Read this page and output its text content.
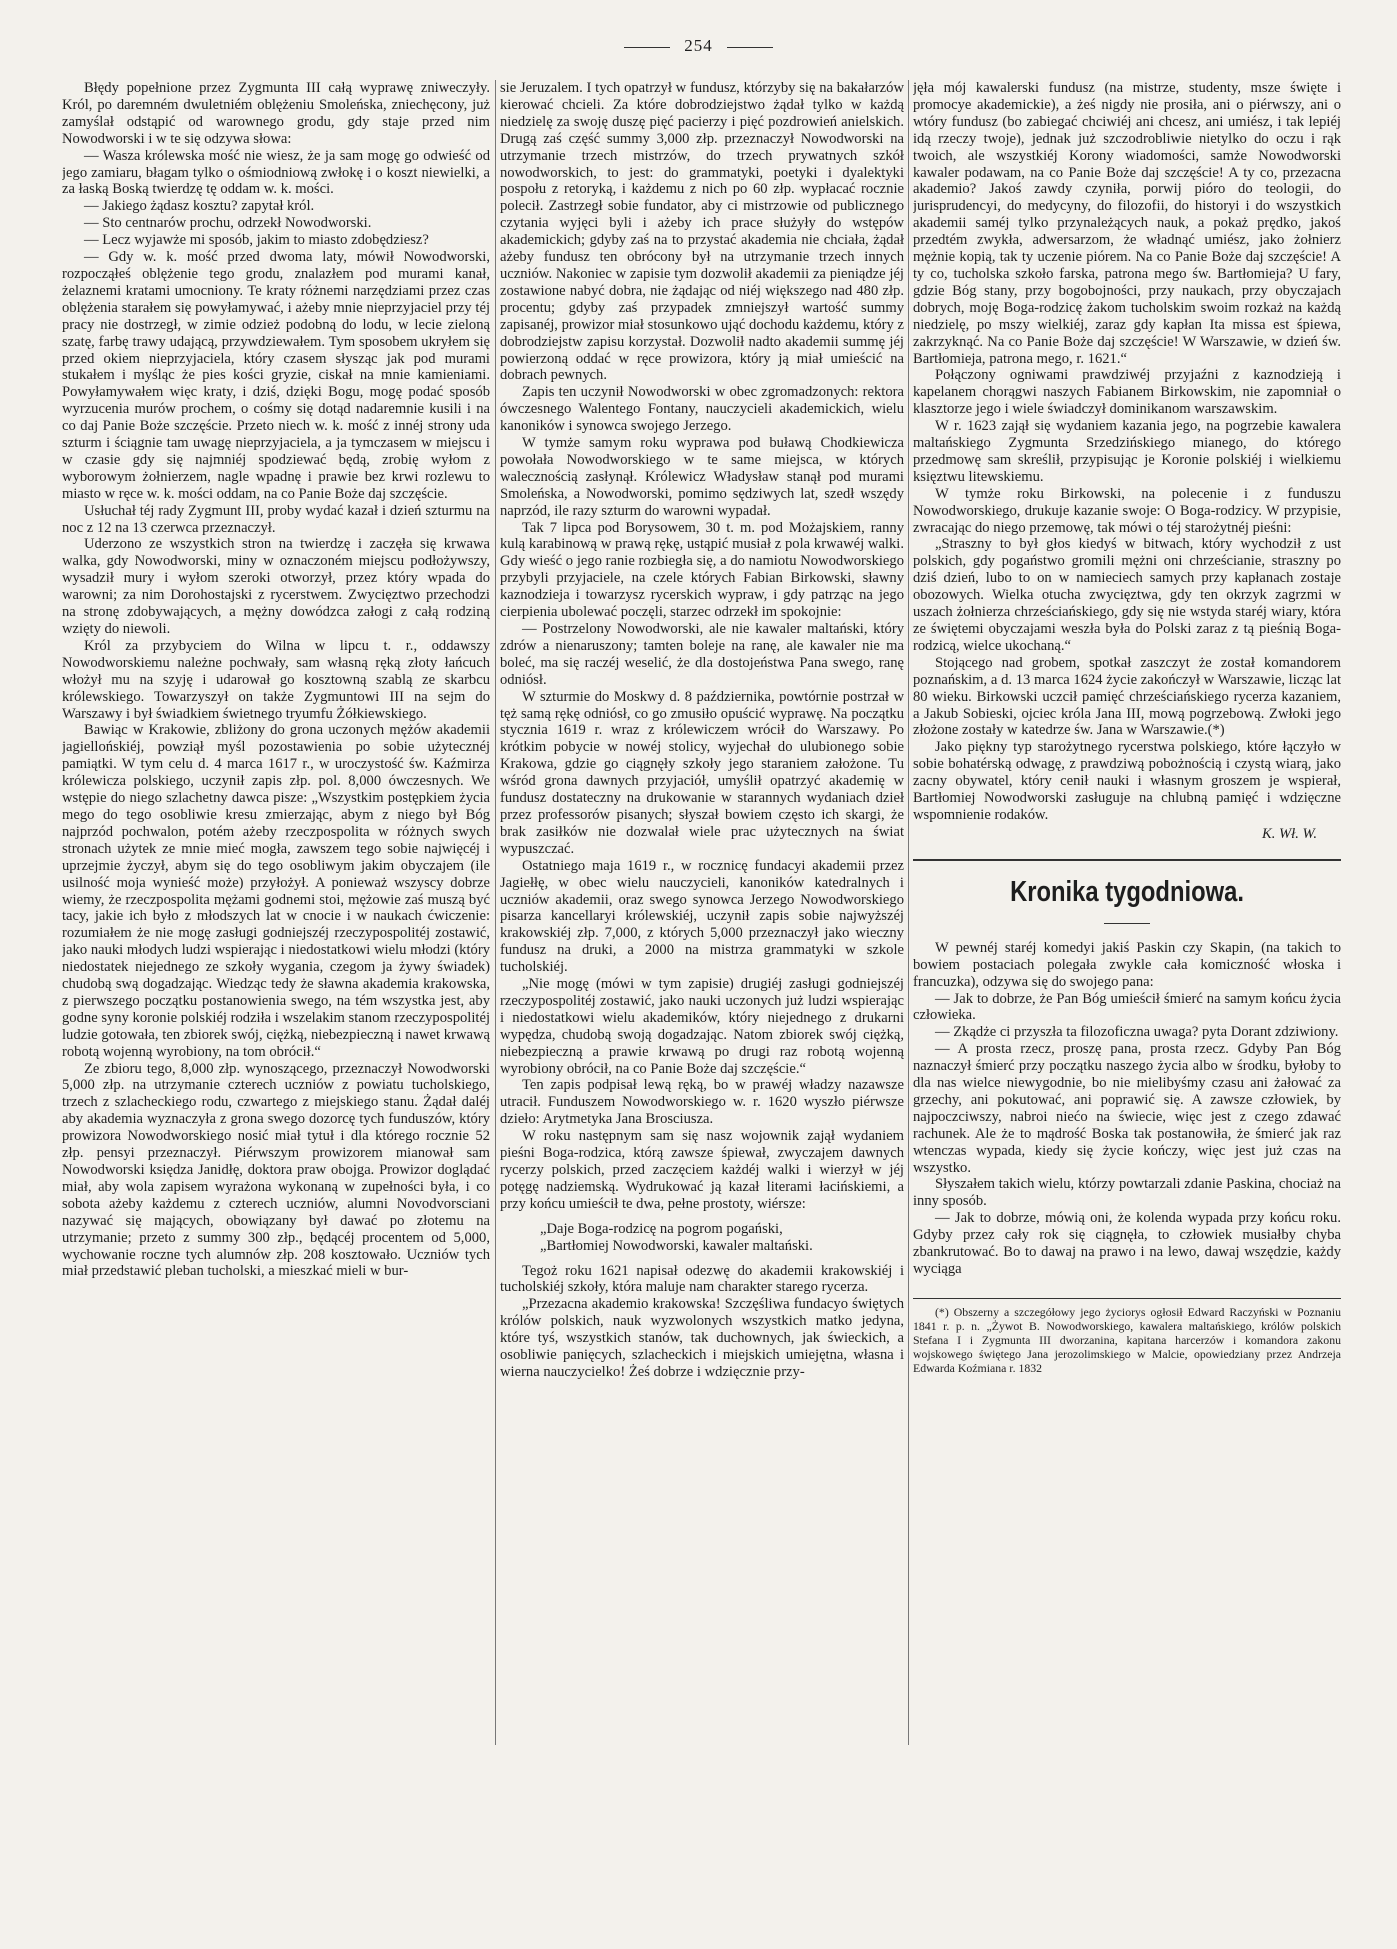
254

Błędy popełnione przez Zygmunta III całą wyprawę zniweczyły. Król, po daremném dwuletniém oblężeniu Smoleńska, zniechęcony, już zamyślał odstąpić od warownego grodu, gdy staje przed nim Nowodworski i w te się odzywa słowa:

— Wasza królewska mość nie wiesz, że ja sam mogę go odwieść od jego zamiaru, błagam tylko o ośmiodniową zwłokę i o koszt niewielki, a za łaską Boską twierdzę tę oddam w. k. mości.

— Jakiego żądasz kosztu? zapytał król.

— Sto centnarów prochu, odrzekł Nowodworski.

— Lecz wyjawże mi sposób, jakim to miasto zdobędziesz?

— Gdy w. k. mość przed dwoma laty, mówił Nowodworski, rozpocząłeś oblężenie tego grodu, znalazłem pod murami kanał, żelaznemi kratami umocniony. Te kraty różnemi narzędziami przez czas oblężenia starałem się powyłamywać, i ażeby mnie nieprzyjaciel przy téj pracy nie dostrzegł, w zimie odzież podobną do lodu, w lecie zieloną szatę, farbę trawy udającą, przywdziewałem. Tym sposobem ukryłem się przed okiem nieprzyjaciela, który czasem słysząc jak pod murami stukałem i myśląc że pies kości gryzie, ciskał na mnie kamieniami. Powyłamywałem więc kraty, i dziś, dzięki Bogu, mogę podać sposób wyrzucenia murów prochem, o cośmy się dotąd nadaremnie kusili i na co daj Panie Boże szczęście. Przeto niech w. k. mość z innéj strony uda szturm i ściągnie tam uwagę nieprzyjaciela, a ja tymczasem w miejscu i w czasie gdy się najmniéj spodziewać będą, zrobię wyłom z wyborowym żołnierzem, nagle wpadnę i prawie bez krwi rozlewu to miasto w ręce w. k. mości oddam, na co Panie Boże daj szczęście.

Usłuchał téj rady Zygmunt III, proby wydać kazał i dzień szturmu na noc z 12 na 13 czerwca przeznaczył.

Uderzono ze wszystkich stron na twierdzę i zaczęła się krwawa walka, gdy Nowodworski, miny w oznaczoném miejscu podłożywszy, wysadził mury i wyłom szeroki otworzył, przez który wpada do warowni; za nim Dorohostajski z rycerstwem. Zwycięztwo przechodzi na stronę zdobywających, a mężny dowódzca załogi z całą rodziną wzięty do niewoli.

Król za przybyciem do Wilna w lipcu t. r., oddawszy Nowodworskiemu należne pochwały, sam własną ręką złoty łańcuch włożył mu na szyję i udarował go kosztowną szablą ze skarbcu królewskiego. Towarzyszył on także Zygmuntowi III na sejm do Warszawy i był świadkiem świetnego tryumfu Żółkiewskiego.

Bawiąc w Krakowie, zbliżony do grona uczonych mężów akademii jagiellońskiéj, powziął myśl pozostawienia po sobie użytecznéj pamiątki. W tym celu d. 4 marca 1617 r., w uroczystość św. Kaźmirza królewicza polskiego, uczynił zapis złp. pol. 8,000 ówczesnych. We wstępie do niego szlachetny dawca pisze: „Wszystkim postępkiem życia mego do tego osobliwie kresu zmierzając, abym z niego był Bóg najprzód pochwalon, potém ażeby rzeczpospolita w różnych swych stronach użytek ze mnie mieć mogła, zawszem tego sobie najwięcéj i uprzejmie życzył, abym się do tego osobliwym jakim obyczajem (ile usilność moja wynieść może) przyłożył. A ponieważ wszyscy dobrze wiemy, że rzeczpospolita mężami godnemi stoi, mężowie zaś muszą być tacy, jakie ich było z młodszych lat w cnocie i w naukach ćwiczenie: rozumiałem że nie mogę zasługi godniejszéj rzeczypospolitéj zostawić, jako nauki młodych ludzi wspierając i niedostatkowi wielu młodzi (który niedostatek niejednego ze szkoły wygania, czegom ja żywy świadek) chudobą swą dogadzając. Wiedząc tedy że sławna akademia krakowska, z pierwszego początku postanowienia swego, na tém wszystka jest, aby godne syny koronie polskiéj rodziła i wszelakim stanom rzeczypospolitéj ludzie gotowała, ten zbiorek swój, ciężką, niebezpieczną i nawet krwawą robotą wojenną wyrobiony, na tom obrócił.“

Ze zbioru tego, 8,000 złp. wynoszącego, przeznaczył Nowodworski 5,000 złp. na utrzymanie czterech uczniów z powiatu tucholskiego, trzech z szlacheckiego rodu, czwartego z miejskiego stanu. Żądał daléj aby akademia wyznaczyła z grona swego dozorcę tych funduszów, który prowizora Nowodworskiego nosić miał tytuł i dla którego rocznie 52 złp. pensyi przeznaczył. Piérwszym prowizorem mianował sam Nowodworski księdza Janidłę, doktora praw obojga. Prowizor doglądać miał, aby wola zapisem wyrażona wykonaną w zupełności była, i co sobota ażeby każdemu z czterech uczniów, alumni Novodvorsciani nazywać się mających, obowiązany był dawać po złotemu na utrzymanie; przeto z summy 300 złp., będącéj procentem od 5,000, wychowanie roczne tych alumnów złp. 208 kosztowało. Uczniów tych miał przedstawić pleban tucholski, a mieszkać mieli w bur-

sie Jeruzalem. I tych opatrzył w fundusz, którzyby się na bakałarzów kierować chcieli. Za które dobrodziejstwo żądał tylko w każdą niedzielę za swoję duszę pięć pacierzy i pięć pozdrowień anielskich. Drugą zaś część summy 3,000 złp. przeznaczył Nowodworski na utrzymanie trzech mistrzów, do trzech prywatnych szkół nowodworskich, to jest: do grammatyki, poetyki i dyalektyki pospołu z retoryką, i każdemu z nich po 60 złp. wypłacać rocznie polecił. Zastrzegł sobie fundator, aby ci mistrzowie od publicznego czytania wyjęci byli i ażeby ich prace służyły do wstępów akademickich; gdyby zaś na to przystać akademia nie chciała, żądał ażeby fundusz ten obrócony był na utrzymanie trzech innych uczniów. Nakoniec w zapisie tym dozwolił akademii za pieniądze jéj zostawione nabyć dobra, nie żądając od niéj większego nad 480 złp. procentu; gdyby zaś przypadek zmniejszył wartość summy zapisanéj, prowizor miał stosunkowo ująć dochodu każdemu, który z dobrodziejstw zapisu korzystał. Dozwolił nadto akademii summę jéj powierzoną oddać w ręce prowizora, który ją miał umieścić na dobrach pewnych.

Zapis ten uczynił Nowodworski w obec zgromadzonych: rektora ówczesnego Walentego Fontany, nauczycieli akademickich, wielu kanoników i synowca swojego Jerzego.

W tymże samym roku wyprawa pod buławą Chodkiewicza powołała Nowodworskiego w te same miejsca, w których walecznością zasłynął. Królewicz Władysław stanął pod murami Smoleńska, a Nowodworski, pomimo sędziwych lat, szedł wszędy naprzód, ile razy szturm do warowni wypadał.

Tak 7 lipca pod Borysowem, 30 t. m. pod Możajskiem, ranny kulą karabinową w prawą rękę, ustąpić musiał z pola krwawéj walki. Gdy wieść o jego ranie rozbiegła się, a do namiotu Nowodworskiego przybyli przyjaciele, na czele których Fabian Birkowski, sławny kaznodzieja i towarzysz rycerskich wypraw, i gdy patrząc na jego cierpienia ubolewać poczęli, starzec odrzekł im spokojnie:

— Postrzelony Nowodworski, ale nie kawaler maltański, który zdrów a nienaruszony; tamten boleje na ranę, ale kawaler nie ma boleć, ma się raczéj weselić, że dla dostojeństwa Pana swego, ranę odniósł.

W szturmie do Moskwy d. 8 października, powtórnie postrzał w tęż samą rękę odniósł, co go zmusiło opuścić wyprawę. Na początku stycznia 1619 r. wraz z królewiczem wrócił do Warszawy. Po krótkim pobycie w nowéj stolicy, wyjechał do ulubionego sobie Krakowa, gdzie go ciągnęły szkoły jego staraniem założone. Tu wśród grona dawnych przyjaciół, umyślił opatrzyć akademię w fundusz dostateczny na drukowanie w starannych wydaniach dzieł przez professorów pisanych; słyszał bowiem często ich skargi, że brak zasiłków nie dozwalał wiele prac użytecznych na świat wypuszczać.

Ostatniego maja 1619 r., w rocznicę fundacyi akademii przez Jagiełłę, w obec wielu nauczycieli, kanoników katedralnych i uczniów akademii, oraz swego synowca Jerzego Nowodworskiego pisarza kancellaryi królewskiéj, uczynił zapis sobie najwyższéj krakowskiéj złp. 7,000, z których 5,000 przeznaczył jako wieczny fundusz na druki, a 2000 na mistrza grammatyki w szkole tucholskiéj.

„Nie mogę (mówi w tym zapisie) drugiéj zasługi godniejszéj rzeczypospolitéj zostawić, jako nauki uczonych już ludzi wspierając i niedostatkowi wielu akademików, który niejednego z drukarni wypędza, chudobą swoją dogadzając. Natom zbiorek swój ciężką, niebezpieczną a prawie krwawą po drugi raz robotą wojenną wyrobiony obrócił, na co Panie Boże daj szczęście.“

Ten zapis podpisał lewą ręką, bo w prawéj władzy nazawsze utracił. Funduszem Nowodworskiego w. r. 1620 wyszło piérwsze dzieło: Arytmetyka Jana Brosciusza.

W roku następnym sam się nasz wojownik zajął wydaniem pieśni Boga-rodzica, którą zawsze śpiewał, zwyczajem dawnych rycerzy polskich, przed zaczęciem każdéj walki i wierzył w jéj potęgę nadziemską. Wydrukować ją kazał literami łacińskiemi, a przy końcu umieścił te dwa, pełne prostoty, wiérsze:

„Daje Boga-rodzicę na pogrom pogański,
„Bartłomiej Nowodworski, kawaler maltański.

Tegoż roku 1621 napisał odezwę do akademii krakowskiéj i tucholskiéj szkoły, która maluje nam charakter starego rycerza.

„Przezacna akademio krakowska! Szczęśliwa fundacyo świętych królów polskich, nauk wyzwolonych wszystkich matko jedyna, które tyś, wszystkich stanów, tak duchownych, jak świeckich, a osobliwie panięcych, szlacheckich i miejskich umiejętna, własna i wierna nauczycielko! Żeś dobrze i wdzięcznie przy-

jęła mój kawalerski fundusz (na mistrze, studenty, msze święte i promocye akademickie), a żeś nigdy nie prosiła, ani o piérwszy, ani o wtóry fundusz (bo zabiegać chciwiéj ani chcesz, ani umiész, i tak lepiéj idą rzeczy twoje), jednak już szczodrobliwie nietylko do oczu i rąk twoich, ale wszystkiéj Korony wiadomości, samże Nowodworski kawaler podawam, na co Panie Boże daj szczęście! A ty co, przezacna akademio? Jakoś zawdy czyniła, porwij pióro do teologii, do jurisprudencyi, do medycyny, do filozofii, do historyi i do wszystkich akademii saméj tylko przynależących nauk, a pokaż prędko, jakoś przedtém zwykła, adwersarzom, że władnąć umiész, jako żołnierz mężnie kopią, tak ty uczenie piórem. Na co Panie Boże daj szczęście! A ty co, tucholska szkoło farska, patrona mego św. Bartłomieja? U fary, gdzie Bóg stany, przy bogobojności, przy naukach, przy obyczajach dobrych, moję Boga-rodzicę żakom tucholskim swoim rozkaż na każdą niedzielę, po mszy wielkiéj, zaraz gdy kapłan Ita missa est śpiewa, zakrzyknąć. Na co Panie Boże daj szczęście! W Warszawie, w dzień św. Bartłomieja, patrona mego, r. 1621.“

Połączony ogniwami prawdziwéj przyjaźni z kaznodzieją i kapelanem chorągwi naszych Fabianem Birkowskim, nie zapomniał o klasztorze jego i wiele świadczył dominikanom warszawskim.

W r. 1623 zajął się wydaniem kazania jego, na pogrzebie kawalera maltańskiego Zygmunta Srzedzińskiego mianego, do którego przedmowę sam skreślił, przypisując je Koronie polskiéj i wielkiemu księztwu litewskiemu.

W tymże roku Birkowski, na polecenie i z funduszu Nowodworskiego, drukuje kazanie swoje: O Boga-rodzicy. W przypisie, zwracając do niego przemowę, tak mówi o téj starożytnéj pieśni:

„Straszny to był głos kiedyś w bitwach, który wychodził z ust polskich, gdy pogaństwo gromili mężni oni chrześcianie, straszny po dziś dzień, lubo to on w namieciech samych przy kapłanach zostaje obozowych. Wielka otucha zwycięztwa, gdy ten okrzyk zagrzmi w uszach żołnierza chrześciańskiego, gdy się nie wstyda staréj wiary, która ze świętemi obyczajami weszła była do Polski zaraz z tą pieśnią Boga-rodzicą, wielce ukochaną.“

Stojącego nad grobem, spotkał zaszczyt że został komandorem poznańskim, a d. 13 marca 1624 życie zakończył w Warszawie, licząc lat 80 wieku. Birkowski uczcił pamięć chrześciańskiego rycerza kazaniem, a Jakub Sobieski, ojciec króla Jana III, mową pogrzebową. Zwłoki jego złożone zostały w katedrze św. Jana w Warszawie.(*)

Jako piękny typ starożytnego rycerstwa polskiego, które łączyło w sobie bohatérską odwagę, z prawdziwą pobożnością i czystą wiarą, jako zacny obywatel, który cenił nauki i własnym groszem je wspierał, Bartłomiej Nowodworski zasługuje na chlubną pamięć i wdzięczne wspomnienie rodaków.

K. Wł. W.

Kronika tygodniowa.

W pewnéj staréj komedyi jakiś Paskin czy Skapin, (na takich to bowiem postaciach polegała zwykle cała komiczność włoska i francuzka), odzywa się do swojego pana:

— Jak to dobrze, że Pan Bóg umieścił śmierć na samym końcu życia człowieka.

— Zkądże ci przyszła ta filozoficzna uwaga? pyta Dorant zdziwiony.

— A prosta rzecz, proszę pana, prosta rzecz. Gdyby Pan Bóg naznaczył śmierć przy początku naszego życia albo w środku, byłoby to dla nas wielce niewygodnie, bo nie mielibyśmy czasu ani żałować za grzechy, ani pokutować, ani poprawić się. A zawsze człowiek, by najpoczciwszy, nabroi niećo na świecie, więc jest z czego zdawać rachunek. Ale że to mądrość Boska tak postanowiła, że śmierć jak raz wtenczas wypada, kiedy się życie kończy, więc jest już czas na wszystko.

Słyszałem takich wielu, którzy powtarzali zdanie Paskina, chociaż na inny sposób.

— Jak to dobrze, mówią oni, że kolenda wypada przy końcu roku. Gdyby przez cały rok się ciągnęła, to człowiek musiałby chyba zbankrutować. Bo to dawaj na prawo i na lewo, dawaj wszędzie, każdy wyciąga

(*) Obszerny a szczegółowy jego życiorys ogłosił Edward Raczyński w Poznaniu 1841 r. p. n. „Żywot B. Nowodworskiego, kawalera maltańskiego, królów polskich Stefana I i Zygmunta III dworzanina, kapitana harcerzów i komandora zakonu wojskowego świętego Jana jerozolimskiego w Malcie, opowiedziany przez Andrzeja Edwarda Koźmiana r. 1832
